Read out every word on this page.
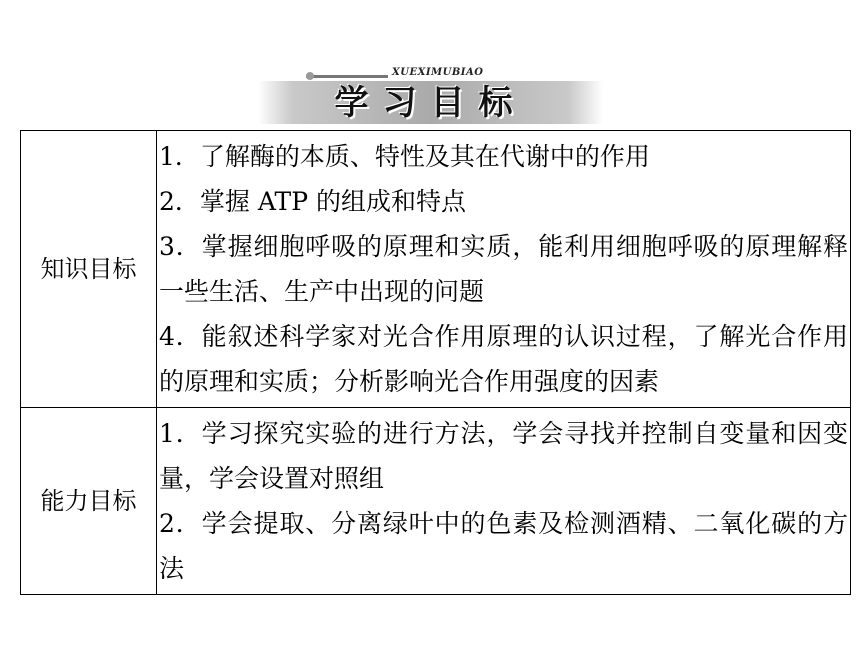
XUEXIMUBIAO
学习目标
知识目标	1．了解酶的本质、特性及其在代谢中的作用
2．掌握 ATP 的组成和特点
3．掌握细胞呼吸的原理和实质，能利用细胞呼吸的原理解释一些生活、生产中出现的问题
4．能叙述科学家对光合作用原理的认识过程，了解光合作用的原理和实质；分析影响光合作用强度的因素

能力目标	1．学习探究实验的进行方法，学会寻找并控制自变量和因变量，学会设置对照组
2．学会提取、分离绿叶中的色素及检测酒精、二氧化碳的方法
